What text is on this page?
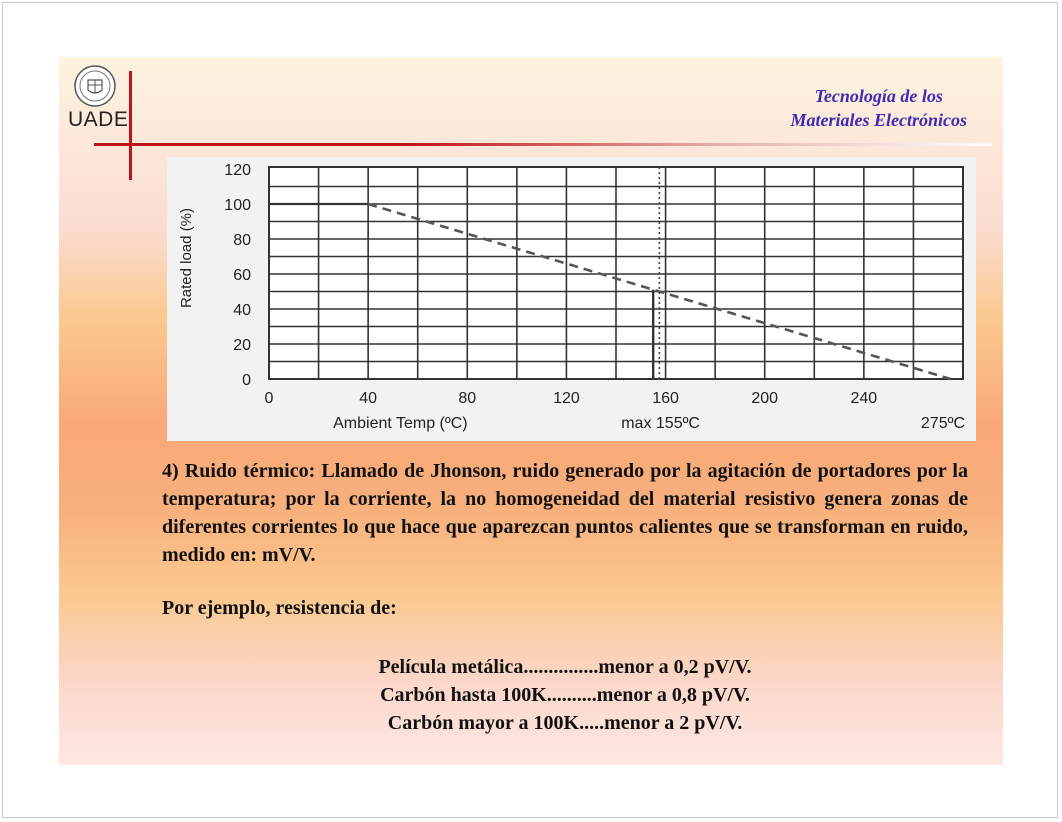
UADE
Tecnología de los
Materiales Electrónicos
0
20
40
60
80
100
120
0	40	80	120	160	200	240
Rated load (%)
Ambient Temp (ºC)	max 155ºC	275ºC
4) Ruido térmico: Llamado de Jhonson, ruido generado por la agitación de portadores por la temperatura; por la corriente, la no homogeneidad del material resistivo genera zonas de diferentes corrientes lo que hace que aparezcan puntos calientes que se transforman en ruido, medido en: mV/V.
Por ejemplo, resistencia de:
Película metálica...............menor a 0,2 pV/V.
Carbón hasta 100K..........menor a 0,8 pV/V.
Carbón mayor a 100K.....menor a 2 pV/V.
